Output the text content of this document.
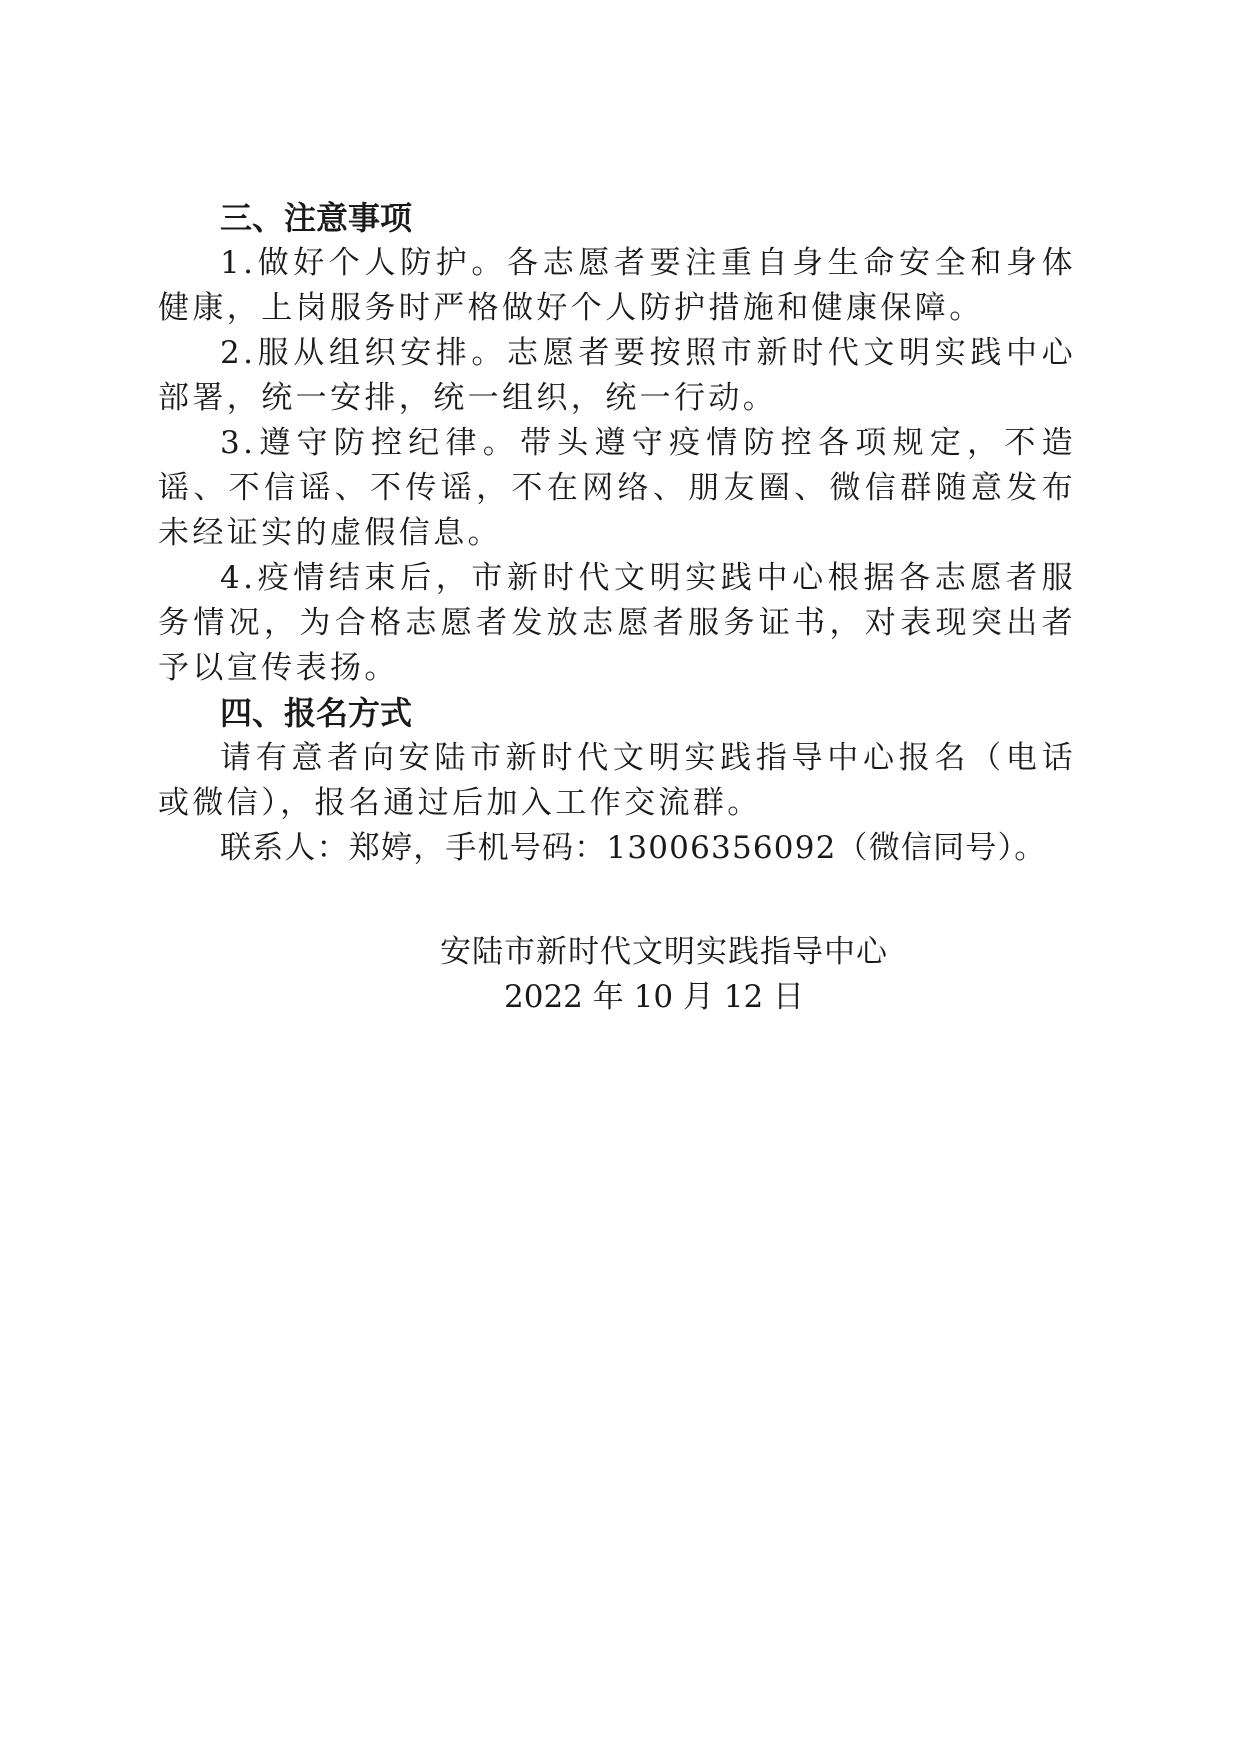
三、注意事项

1.做好个人防护。各志愿者要注重自身生命安全和身体健康，上岗服务时严格做好个人防护措施和健康保障。

2.服从组织安排。志愿者要按照市新时代文明实践中心部署，统一安排，统一组织，统一行动。

3.遵守防控纪律。带头遵守疫情防控各项规定，不造谣、不信谣、不传谣，不在网络、朋友圈、微信群随意发布未经证实的虚假信息。

4.疫情结束后，市新时代文明实践中心根据各志愿者服务情况，为合格志愿者发放志愿者服务证书，对表现突出者予以宣传表扬。

四、报名方式

请有意者向安陆市新时代文明实践指导中心报名（电话或微信），报名通过后加入工作交流群。

联系人：郑婷，手机号码：13006356092（微信同号）。

安陆市新时代文明实践指导中心
2022 年 10 月 12 日
